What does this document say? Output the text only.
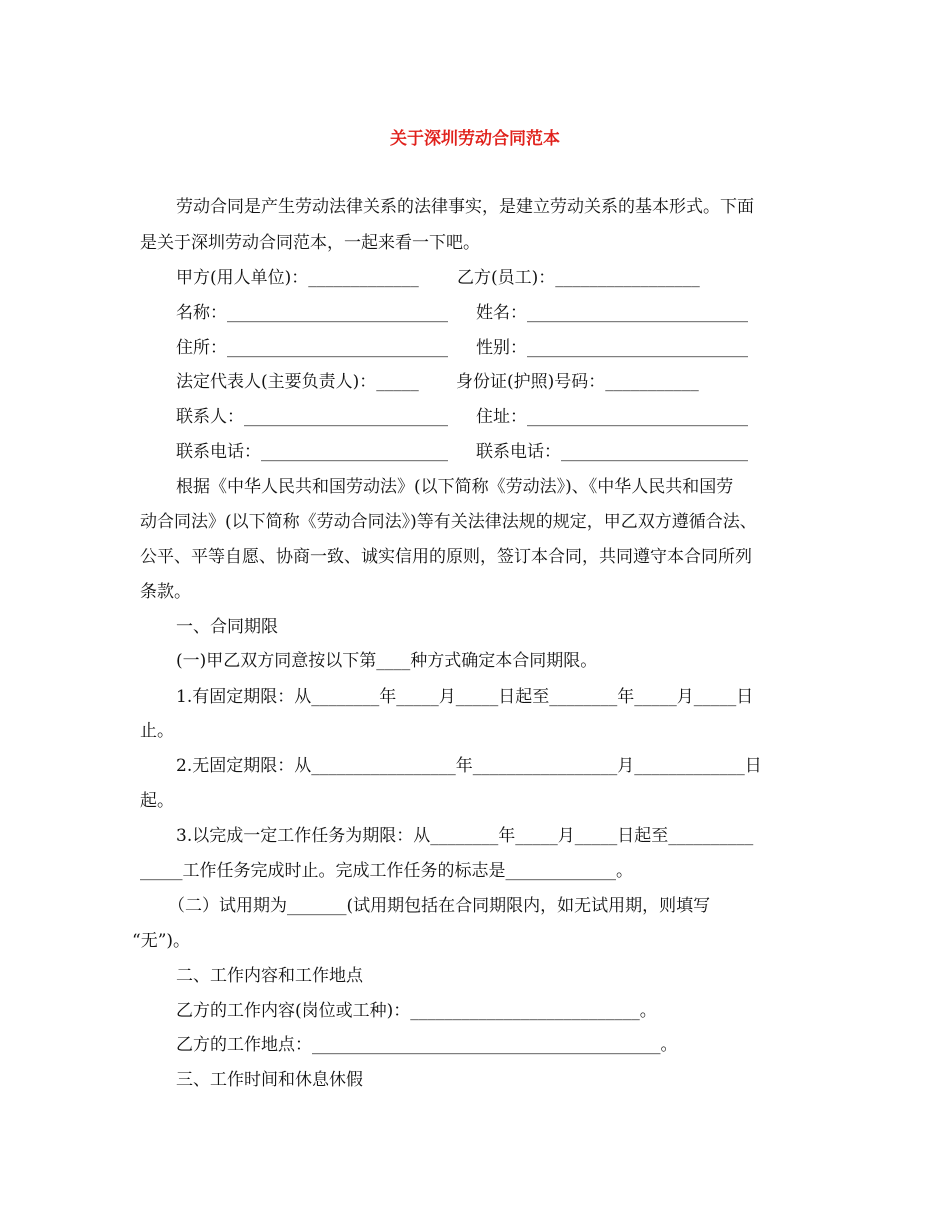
关于深圳劳动合同范本
劳动合同是产生劳动法律关系的法律事实，是建立劳动关系的基本形式。下面
是关于深圳劳动合同范本，一起来看一下吧。
甲方(用人单位)：_____________ 乙方(员工)：_________________
名称：__________________________ 姓名：__________________________
住所：__________________________ 性别：__________________________
法定代表人(主要负责人)：_____ 身份证(护照)号码：___________
联系人：________________________ 住址：__________________________
联系电话：______________________ 联系电话：______________________
根据《中华人民共和国劳动法》(以下简称《劳动法》)、《中华人民共和国劳
动合同法》(以下简称《劳动合同法》)等有关法律法规的规定，甲乙双方遵循合法、
公平、平等自愿、协商一致、诚实信用的原则，签订本合同，共同遵守本合同所列
条款。
一、合同期限
(一)甲乙双方同意按以下第____种方式确定本合同期限。
1.有固定期限：从________年_____月_____日起至________年_____月_____日
止。
2.无固定期限：从_________________年_________________月_____________日
起。
3.以完成一定工作任务为期限：从________年_____月_____日起至__________
_____工作任务完成时止。完成工作任务的标志是_____________。
（二）试用期为_______(试用期包括在合同期限内，如无试用期，则填写
“无”)。
二、工作内容和工作地点
乙方的工作内容(岗位或工种)：___________________________。
乙方的工作地点：_________________________________________。
三、工作时间和休息休假
